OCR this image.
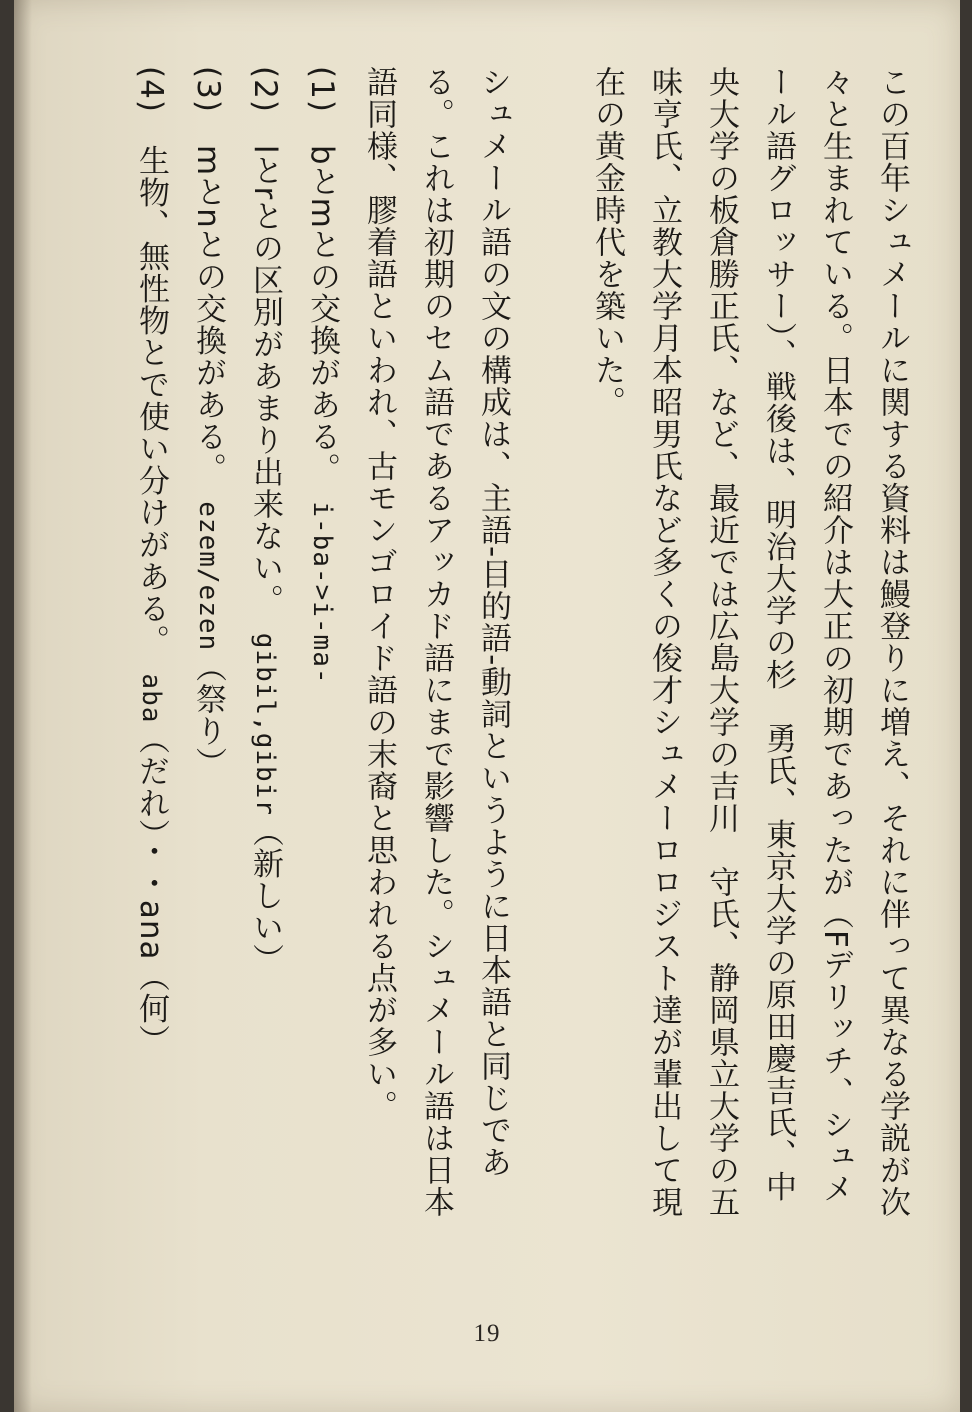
この百年シュメールに関する資料は鰻登りに増え、それに伴って異なる学説が次
々と生まれている。日本での紹介は大正の初期であったが（Fデリッチ、シュメ
ール語グロッサー）、戦後は、明治大学の杉　勇氏、東京大学の原田慶吉氏、中
央大学の板倉勝正氏、など、最近では広島大学の吉川　守氏、静岡県立大学の五
味亨氏、立教大学月本昭男氏など多くの俊才シュメーロロジスト達が輩出して現
在の黄金時代を築いた。
シュメール語の文の構成は、主語-目的語-動詞というように日本語と同じであ
る。これは初期のセム語であるアッカド語にまで影響した。シュメール語は日本
語同様、膠着語といわれ、古モンゴロイド語の末裔と思われる点が多い。
(1)　bとmとの交換がある。　i-ba->i-ma-
(2)　lとrとの区別があまり出来ない。　gibil,gibir（新しい）
(3)　mとnとの交換がある。　ezem/ezen（祭り）
(4)　生物、無性物とで使い分けがある。　aba（だれ）・・ana（何）
19
